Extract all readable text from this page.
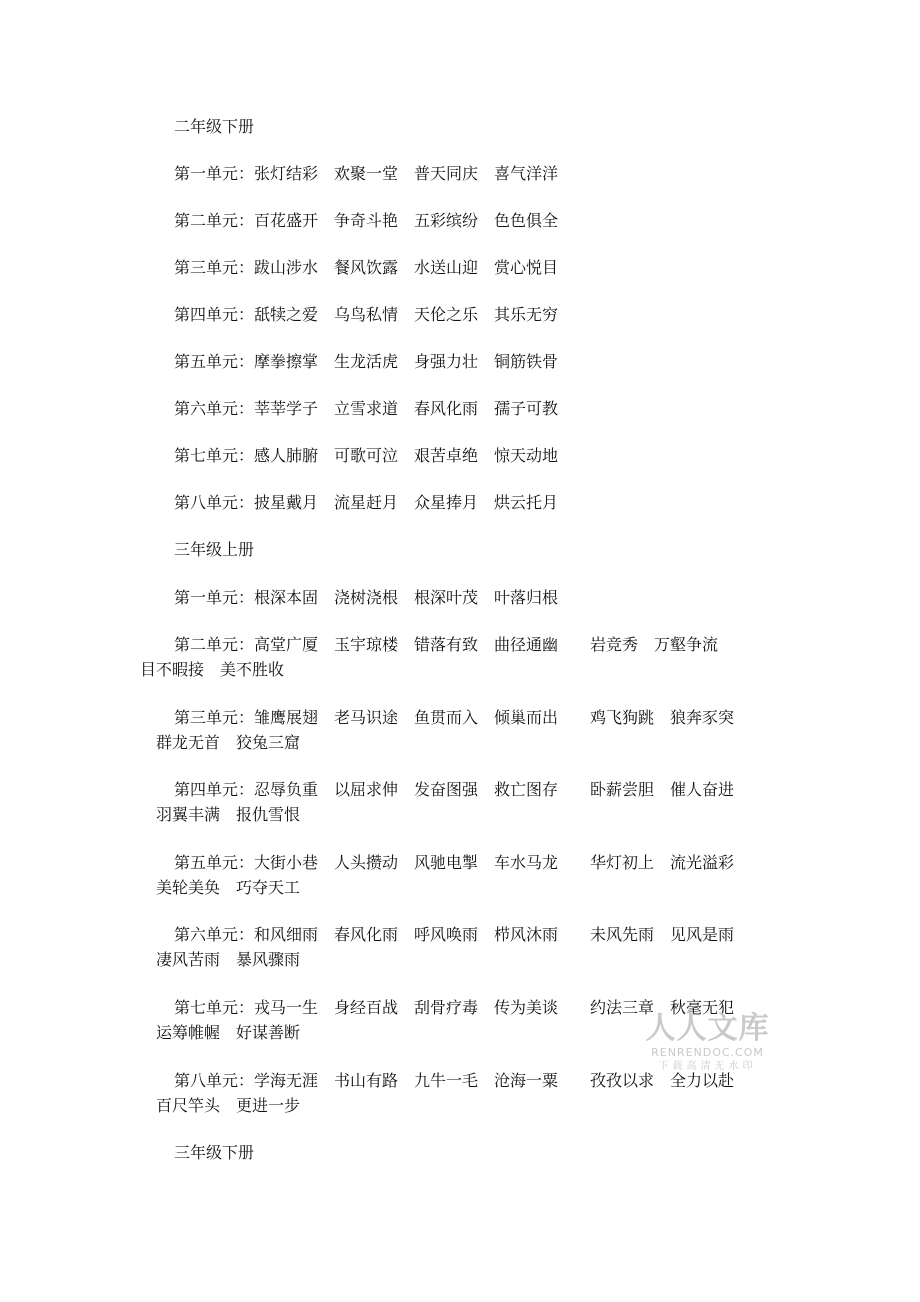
二年级下册
第一单元：张灯结彩　欢聚一堂　普天同庆　喜气洋洋
第二单元：百花盛开　争奇斗艳　五彩缤纷　色色俱全
第三单元：跋山涉水　餐风饮露　水送山迎　赏心悦目
第四单元：舐犊之爱　乌鸟私情　天伦之乐　其乐无穷
第五单元：摩拳擦掌　生龙活虎　身强力壮　铜筋铁骨
第六单元：莘莘学子　立雪求道　春风化雨　孺子可教
第七单元：感人肺腑　可歌可泣　艰苦卓绝　惊天动地
第八单元：披星戴月　流星赶月　众星捧月　烘云托月
三年级上册
第一单元：根深本固　浇树浇根　根深叶茂　叶落归根
第二单元：高堂广厦　玉宇琼楼　错落有致　曲径通幽　　岩竞秀　万壑争流
目不暇接　美不胜收
第三单元：雏鹰展翅　老马识途　鱼贯而入　倾巢而出　　鸡飞狗跳　狼奔豕突
群龙无首　狡兔三窟
第四单元：忍辱负重　以屈求伸　发奋图强　救亡图存　　卧薪尝胆　催人奋进
羽翼丰满　报仇雪恨
第五单元：大街小巷　人头攒动　风驰电掣　车水马龙　　华灯初上　流光溢彩
美轮美奂　巧夺天工
第六单元：和风细雨　春风化雨　呼风唤雨　栉风沐雨　　未风先雨　见风是雨
凄风苦雨　暴风骤雨
第七单元：戎马一生　身经百战　刮骨疗毒　传为美谈　　约法三章　秋毫无犯
运筹帷幄　好谋善断
第八单元：学海无涯　书山有路　九牛一毛　沧海一粟　　孜孜以求　全力以赴
百尺竿头　更进一步
三年级下册
人人文库
RENRENDOC.COM
下载高清无水印
